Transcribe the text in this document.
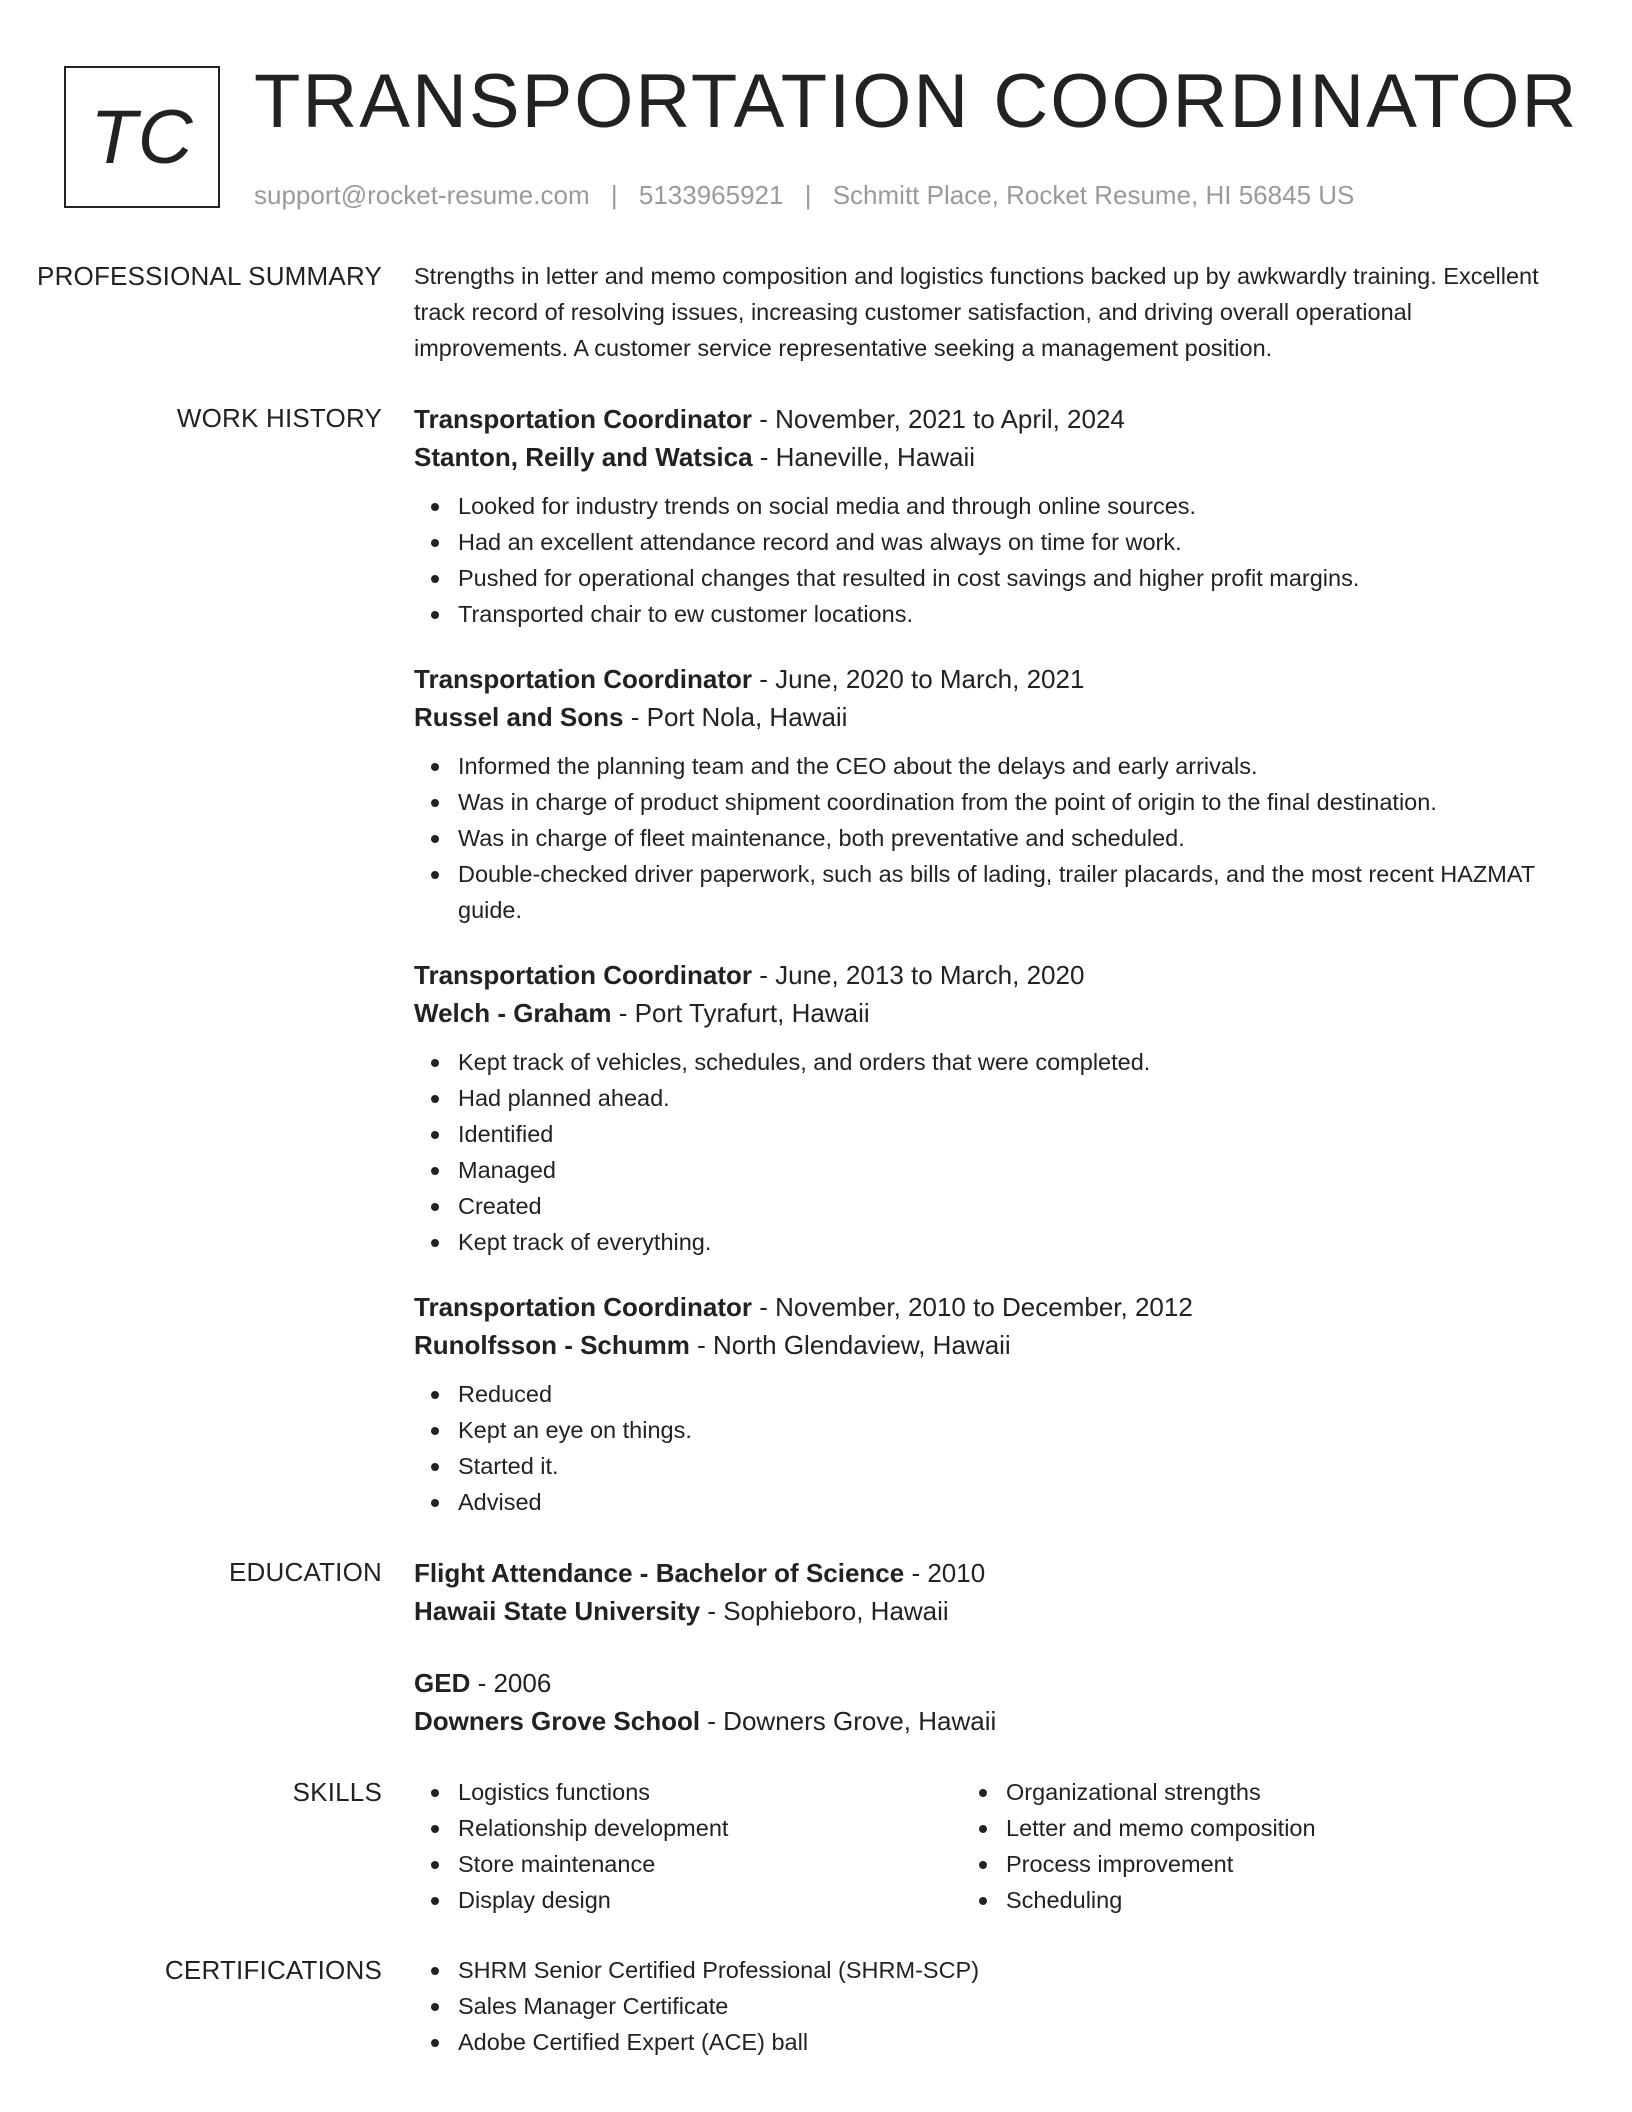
TC TRANSPORTATION COORDINATOR
support@rocket-resume.com | 5133965921 | Schmitt Place, Rocket Resume, HI 56845 US
PROFESSIONAL SUMMARY	Strengths in letter and memo composition and logistics functions backed up by awkwardly training. Excellent track record of resolving issues, increasing customer satisfaction, and driving overall operational improvements. A customer service representative seeking a management position.

WORK HISTORY	Transportation Coordinator - November, 2021 to April, 2024
Stanton, Reilly and Watsica - Haneville, Hawaii
Looked for industry trends on social media and through online sources.
Had an excellent attendance record and was always on time for work.
Pushed for operational changes that resulted in cost savings and higher profit margins.
Transported chair to ew customer locations.
Transportation Coordinator - June, 2020 to March, 2021
Russel and Sons - Port Nola, Hawaii
Informed the planning team and the CEO about the delays and early arrivals.
Was in charge of product shipment coordination from the point of origin to the final destination.
Was in charge of fleet maintenance, both preventative and scheduled.
Double-checked driver paperwork, such as bills of lading, trailer placards, and the most recent HAZMAT guide.
Transportation Coordinator - June, 2013 to March, 2020
Welch - Graham - Port Tyrafurt, Hawaii
Kept track of vehicles, schedules, and orders that were completed.
Had planned ahead.
Identified
Managed
Created
Kept track of everything.
Transportation Coordinator - November, 2010 to December, 2012
Runolfsson - Schumm - North Glendaview, Hawaii
Reduced
Kept an eye on things.
Started it.
Advised
EDUCATION	Flight Attendance - Bachelor of Science - 2010
Hawaii State University - Sophieboro, Hawaii
GED - 2006
Downers Grove School - Downers Grove, Hawaii
SKILLS	Logistics functions
Relationship development
Store maintenance
Display design
Organizational strengths
Letter and memo composition
Process improvement
Scheduling
CERTIFICATIONS	SHRM Senior Certified Professional (SHRM-SCP)
Sales Manager Certificate
Adobe Certified Expert (ACE) ball
